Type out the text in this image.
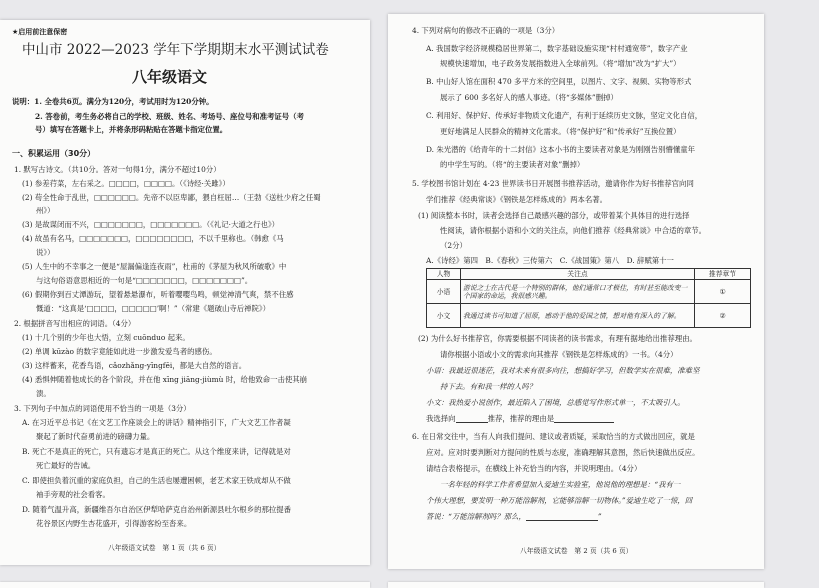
★启用前注意保密
中山市 2022—2023 学年下学期期末水平测试试卷
八年级语文
说明：1. 全卷共6页。满分为120分，考试用时为120分钟。
2. 答卷前，考生务必将自己的学校、班级、姓名、考场号、座位号和准考证号（考
号）填写在答题卡上，并将条形码粘贴在答题卡指定位置。
一、积累运用（30分）
1. 默写古诗文。（共10分。答对一句得1分，满分不超过10分）
(1) 参差荇菜，左右采之。□□□□，□□□□。（《诗经·关雎》）
(2) 苟全性命于乱世，□□□□□□。先帝不以臣卑鄙，猥自枉屈…（王勃《送杜少府之任蜀
州》）
(3) 是故谋闭而不兴，□□□□□□□，□□□□□□□。（《礼记·大道之行也》）
(4) 故虽有名马，□□□□□□□，□□□□□□□□，不以千里称也。（韩愈《马
说》）
(5) 人生中的不幸事之一便是“屋漏偏逢连夜雨”，杜甫的《茅屋为秋风所破歌》中
与这句俗语意思相近的一句是“□□□□□□□，□□□□□□□”。
(6) 假期你到百丈潭游玩，望着悬悬瀑布，听着嘤嘤鸟鸣，顿觉神清气爽，禁不住感
慨道：“这真是‘□□□□，□□□□□’啊！”（常建《题破山寺后禅院》）
2. 根据拼音写出相应的词语。（4分）
(1) 十几个别的少年也大悟，立刻 cuōnduo 起来。
(2) 单调 kūzào 的数字竟能如此进一步激发爱鸟者的感伤。
(3) 这样蓄来，花香鸟语，cǎozhǎng-yīngfēi，都是大自然的语言。
(4) 悉惧伸随着他成长的各个阶段，并在他 xīng jiāng-jiùmù 时，给他致命一击使其崩
溃。
3. 下列句子中加点的词语使用不恰当的一项是（3分）
A. 在习近平总书记《在文艺工作座谈会上的讲话》精神指引下，广大文艺工作者凝
聚起了新时代奋勇前进的磅礴力量。
B. 死亡不是真正的死亡，只有遗忘才是真正的死亡。从这个维度来讲，记得就是对
死亡最好的告诫。
C. 即使担负着沉重的家庭负担，自己的生活也屡遭困顿，老艺术家王铁成却从不做
袖手旁观的社会看客。
D. 随着气温升高，新疆维吾尔自治区伊犁哈萨克自治州新源县吐尔根乡的那拉提番
花谷景区内野生杏花盛开，引得游客纷至沓来。
八年级语文试卷　第 1 页（共 6 页）
4. 下列对病句的修改不正确的一项是（3分）
A. 我国数字经济规模稳居世界第二，数字基础设施实现“村村通宽带”，数字产业
规模快速增加，电子政务发展指数进入全球前列。（将“增加”改为“扩大”）
B. 中山好人馆在面积 470 多平方米的空间里，以图片、文字、视频、实物等形式
展示了 600 多名好人的感人事迹。（将“多媒体”删掉）
C. 利用好、保护好、传承好非物质文化遗产，有利于延续历史文脉，坚定文化自信，
更好地满足人民群众的精神文化需求。（将“保护好”和“传承好”互换位置）
D. 朱光潜的《给青年的十二封信》这本小书的主要读者对象是为刚刚告别懵懂童年
的中学生写的。（将“的主要读者对象”删掉）
5. 学校图书馆计划在 4·23 世界读书日开展图书推荐活动，邀请你作为好书推荐官向同
学们推荐《经典常谈》《钢铁是怎样炼成的》两本名著。
(1) 阅读整本书时，读者会选择自己最感兴趣的部分，或带着某个具体目的进行选择
性阅读，请你根据小语和小文的关注点，向他们推荐《经典常谈》中合适的章节。
（2分）
A.《诗经》第四　B.《春秋》三传第六　C.《战国策》第八　D. 辞赋第十一
人物	关注点	推荐章节
小语	游说之士在古代是一个特别的群体，他们通常口才极佳，有时甚至能改变一个国家的命运，我很感兴趣。	①
小文	我通过读书可知道了屈原，感动于他的爱国之情，想对他有深入的了解。	②
(2) 为什么好书推荐官，你需要根据不同读者的读书需求，有理有据地给出推荐理由。
请你根据小语或小文的需求向其推荐《钢铁是怎样炼成的》一书。（4分）
小语：我最近很迷茫，我对未来有很多向往，想搞好学习，但数学实在很难，准难坚
持下去。有和我一样的人吗？
小文：我热爱小说创作，最近陷入了困境，总感觉写作形式单一，不太吸引人。
我选择向	推荐，推荐的理由是
6. 在日常交往中，当有人向我们提问、建议或者质疑，采取恰当的方式做出回应，就是
应对。应对时要判断对方提问的性质与态度，准确理解其意图，然后快速做出反应。
请结合表格提示，在横线上补充恰当的内容，并说明理由。（4分）
一名年轻的科学工作者希望加入爱迪生实验室，他说他的理想是：“我有一
个伟大理想，要发明一种万能溶解剂，它能够溶解一切物体。”爱迪生吃了一惊，回
答说：“万能溶解剂吗？那么，	”
八年级语文试卷　第 2 页（共 6 页）
